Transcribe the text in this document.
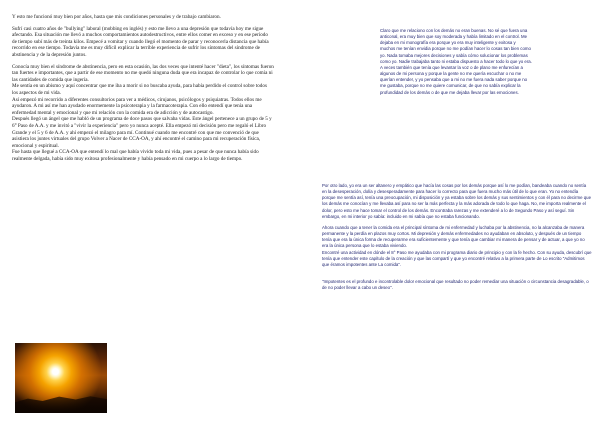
Y esto me funcionó muy bien por años, hasta que mis condiciones personales y de trabajo cambiaron.

Sufrí casi cuatro años de "bullying" laboral (mobbing en inglés) y esto me llevo a una depresión que todavía hoy me sigue afectando. Esa situación me llevó a muchos comportamientos autodestructivos, entre ellos comer en exceso y en ese período de tiempo subí más de treinta kilos. Empecé a vomitar y cuando llegó el momento de parar y reconocerla distancia que había recorrido en ese tiempo. Todavía me es muy difícil explicar la terrible experiencia de sufrir los síntomas del síndrome de abstinencia y de la depresión juntos.

Conocía muy bien el síndrome de abstinencia, pero en esta ocasión, las dos veces que intenté hacer "dieta", los síntomas fueron tan fuertes e importantes, que a partir de ese momento no me quedó ninguna duda que era incapaz de controlar lo que comía ni las cantidades de comida que ingería.

Me sentía en un abismo y aquí concentrar que me iba a morir si no buscaba ayuda, para había perdido el control sobre todos los aspectos de mi vida.

Así empezó mi recorrido a diferentes consultorios para ver a médicos, cirujanos, psicólogos y psiquiatras. Todos ellos me ayudaron. A mi así me han ayudado enormemente la psicoterapia y la farmacoterapia. Con ello entendí que tenía una enfermedad mental y emocional y que mi relación con la comida era de adicción y de autocastigo.

Después llegó un ángel que me habló de un programa de doce pasos que salvaba vidas. Este ángel pertenece a un grupo de 5 y 6° Paso de A.A. y me invitó a "vivir la experiencia" pero yo nunca acepté. Ella empezó mi decisión pero me regaló el Libro Grande y el 5 y 6 de A.A. y ahí empezó el milagro para mí. Continué cuando me encontré con que me convenció de que asistiera los juntes virtuales del grupo Volver a Nacer de CCA-OA, y ahí encontré el camino para mi recuperación física, emocional y espiritual.

Fue hasta que llegué a CCA-OA que entendí lo mal que había vivido toda mi vida, pues a pesar de que nunca había sido realmente delgada, había sido muy exitosa profesionalmente y había pensado en mi cuerpo a lo largo de tiempo.

Claro que me relaciono con los demás no eran buenas. No sé que fuera una anticonal, era muy bien que soy moderada y había limitado en el control. Me dejaba en mi monografía era porque yo era muy inteligente y exitosa y muchos me tenían envidia porque no me podían hacer lo cosas tan bien como yo. Nada tomaba mejores decisiones y sabía cómo solucionar los problemas como yo. Nadie trabajaba tanto ni estaba dispuesto a hacer todo lo que yo era. A veces también que tenía que levantar la voz o de plano me enfurecían a algunos de mi persona y porque la gente no me quería escuchar o no me querían entender, y yo pensaba que a mi no me fuera nada saber porque no me gustaba, porque no me quiere comunicar, de que no sabía explicar la profundidad de los demás o de que me dejaba llevar por las emociones.

Por otro lado, yo era un ser altanero y empático que hacía las cosas por los demás porque así lo me podían, bandeaba cuando no sentía en la desesperación, dolía y desesperadamente para hacer lo correcto para que fuera mucho más útil de lo que eran. Yo no entendía porque me sentía así, tenía una preocupación, mi disposición y ya estaba sobre los demás y sus sentimientos y con él para no decirme que los demás me conocían y me llevaba así para no ser la más perfecta y la más adorada de todo lo que haga. No, me importa realmente el dolor, pero esto me hace tomar el control de los demás. Encontraba rarezas y me extenderé a lo de Segundo Paso y así seguí. Sin embargo, en mi interior yo sabía: incluido en mi sabía que no estaba funcionando.

Ahora cuando que a tener la comida era el principal síntoma de mi enfermedad y luchaba por la abstinencia, no la alcanzaba de manera permanente y la perdía en plazos muy cortos. Mi depresión y demás enfermedades no ayudaban en absoluto, y después de un tiempo tenía que era la única forma de recuperarme era suficientemente y que tenía que cambiar mi manera de pensar y de actuar, a que yo no era la única persona que lo estaba viviendo.

Encontré una actividad en dónde el 8° Paso me ayudaba con mi programa diario de principio y con la fe hecho. Con su ayuda, descubrí que tenía que entender este capítulo de la creación y que las compartí y que yo encontré relativo a la primera parte de Lo escrito "Admitimos que éramos impotentes ante La comida".

"Impotentes es el profundo e incontrolable dolor emocional que resultado no poder remediar una situación o circunstancia desagradable, o de no poder llevar a cabo un deseo".
